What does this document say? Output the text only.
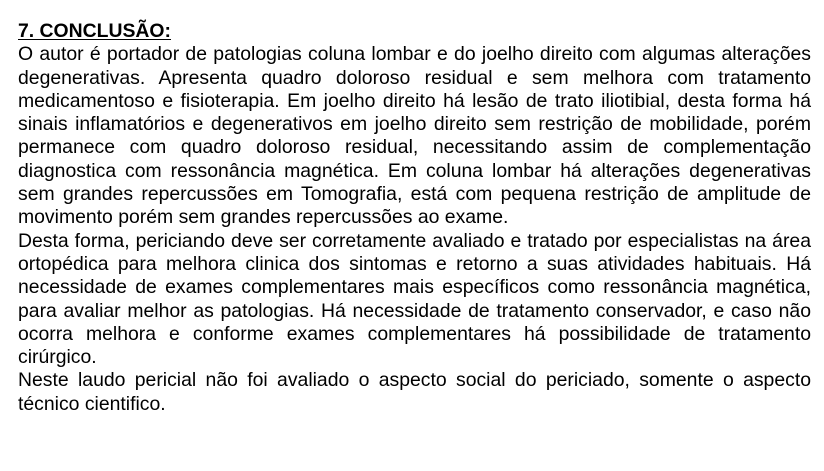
7. CONCLUSÃO:

O autor é portador de patologias coluna lombar e do joelho direito com algumas alterações degenerativas. Apresenta quadro doloroso residual e sem melhora com tratamento medicamentoso e fisioterapia. Em joelho direito há lesão de trato iliotibial, desta forma há sinais inflamatórios e degenerativos em joelho direito sem restrição de mobilidade, porém permanece com quadro doloroso residual, necessitando assim de complementação diagnostica com ressonância magnética. Em coluna lombar há alterações degenerativas sem grandes repercussões em Tomografia, está com pequena restrição de amplitude de movimento porém sem grandes repercussões ao exame.

Desta forma, periciando deve ser corretamente avaliado e tratado por especialistas na área ortopédica para melhora clinica dos sintomas e retorno a suas atividades habituais. Há necessidade de exames complementares mais específicos como ressonância magnética, para avaliar melhor as patologias. Há necessidade de tratamento conservador, e caso não ocorra melhora e conforme exames complementares há possibilidade de tratamento cirúrgico.

Neste laudo pericial não foi avaliado o aspecto social do periciado, somente o aspecto técnico cientifico.
